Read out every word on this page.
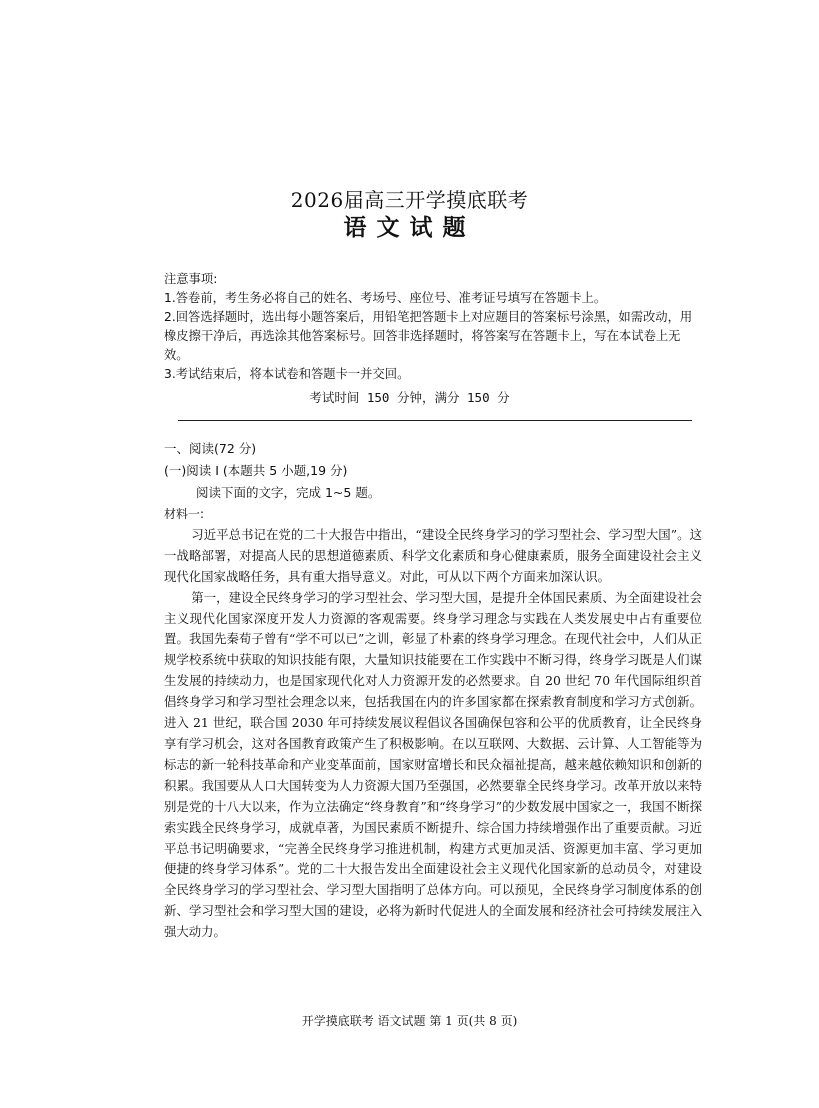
2026届高三开学摸底联考
语文试题

注意事项:

1.答卷前，考生务必将自己的姓名、考场号、座位号、准考证号填写在答题卡上。

2.回答选择题时，选出每小题答案后，用铅笔把答题卡上对应题目的答案标号涂黑，如需改动，用橡皮擦干净后，再选涂其他答案标号。回答非选择题时，将答案写在答题卡上，写在本试卷上无效。

3.考试结束后，将本试卷和答题卡一并交回。

考试时间 150 分钟，满分 150 分
一、阅读(72 分)
(一)阅读 I (本题共 5 小题,19 分)
阅读下面的文字，完成 1~5 题。

材料一:

习近平总书记在党的二十大报告中指出，“建设全民终身学习的学习型社会、学习型大国”。这一战略部署，对提高人民的思想道德素质、科学文化素质和身心健康素质，服务全面建设社会主义现代化国家战略任务，具有重大指导意义。对此，可从以下两个方面来加深认识。

第一，建设全民终身学习的学习型社会、学习型大国，是提升全体国民素质、为全面建设社会主义现代化国家深度开发人力资源的客观需要。终身学习理念与实践在人类发展史中占有重要位置。我国先秦荀子曾有“学不可以已”之训，彰显了朴素的终身学习理念。在现代社会中，人们从正规学校系统中获取的知识技能有限，大量知识技能要在工作实践中不断习得，终身学习既是人们谋生发展的持续动力，也是国家现代化对人力资源开发的必然要求。自 20 世纪 70 年代国际组织首倡终身学习和学习型社会理念以来，包括我国在内的许多国家都在探索教育制度和学习方式创新。进入 21 世纪，联合国 2030 年可持续发展议程倡议各国确保包容和公平的优质教育，让全民终身享有学习机会，这对各国教育政策产生了积极影响。在以互联网、大数据、云计算、人工智能等为标志的新一轮科技革命和产业变革面前，国家财富增长和民众福祉提高，越来越依赖知识和创新的积累。我国要从人口大国转变为人力资源大国乃至强国，必然要靠全民终身学习。改革开放以来特别是党的十八大以来，作为立法确定“终身教育”和“终身学习”的少数发展中国家之一，我国不断探索实践全民终身学习，成就卓著，为国民素质不断提升、综合国力持续增强作出了重要贡献。习近平总书记明确要求，“完善全民终身学习推进机制，构建方式更加灵活、资源更加丰富、学习更加便捷的终身学习体系”。党的二十大报告发出全面建设社会主义现代化国家新的总动员令，对建设全民终身学习的学习型社会、学习型大国指明了总体方向。可以预见，全民终身学习制度体系的创新、学习型社会和学习型大国的建设，必将为新时代促进人的全面发展和经济社会可持续发展注入强大动力。

开学摸底联考 语文试题 第 1 页(共 8 页)
